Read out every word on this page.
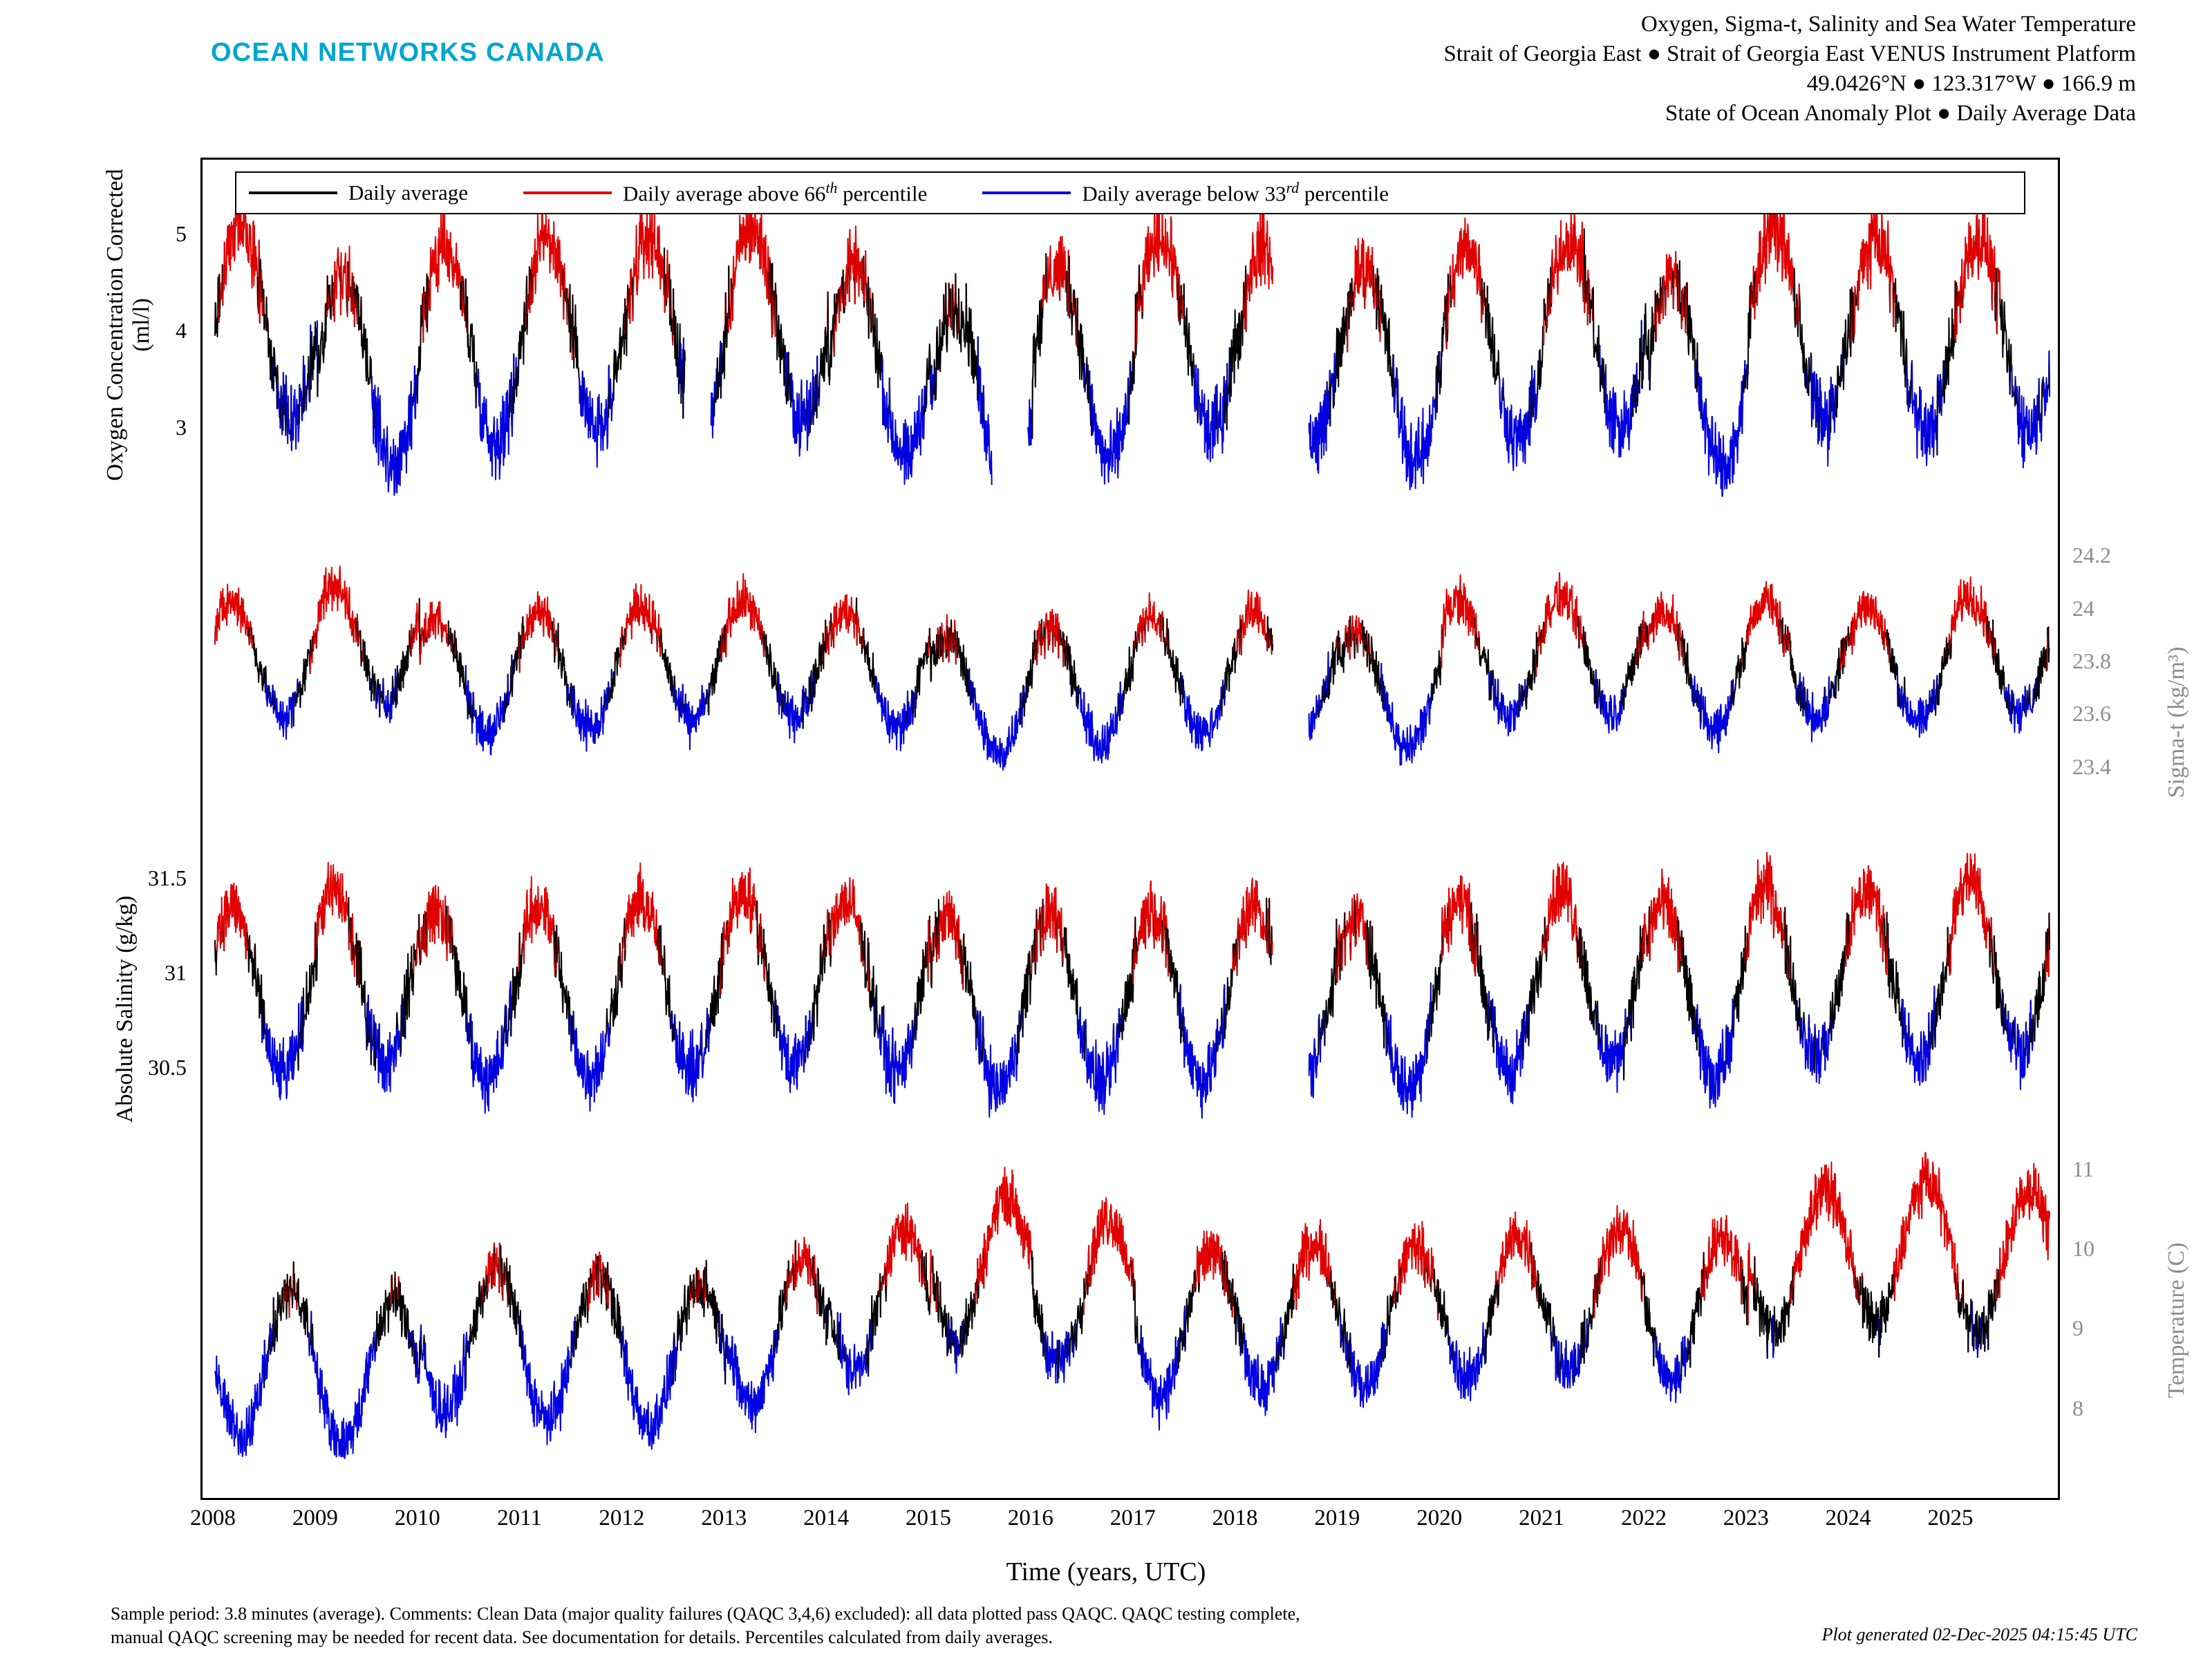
OCEAN NETWORKS CANADA
Oxygen, Sigma-t, Salinity and Sea Water Temperature
Strait of Georgia East ● Strait of Georgia East VENUS Instrument Platform
49.0426°N ● 123.317°W ● 166.9 m
State of Ocean Anomaly Plot ● Daily Average Data
Daily average	Daily average above 66th percentile	Daily average below 33rd percentile
Oxygen Concentration Corrected (ml/l)
Sigma-t (kg/m³)
Absolute Salinity (g/kg)
Temperature (C)
Time (years, UTC)
Sample period: 3.8 minutes (average). Comments: Clean Data (major quality failures (QAQC 3,4,6) excluded): all data plotted pass QAQC. QAQC testing complete,
manual QAQC screening may be needed for recent data. See documentation for details. Percentiles calculated from daily averages.	Plot generated 02-Dec-2025 04:15:45 UTC
5
4
3
31.5
31
30.5
24.2
24
23.8
23.6
23.4
11
10
9
8
2008	2009	2010	2011	2012	2013	2014	2015	2016	2017	2018	2019	2020	2021	2022	2023	2024	2025
